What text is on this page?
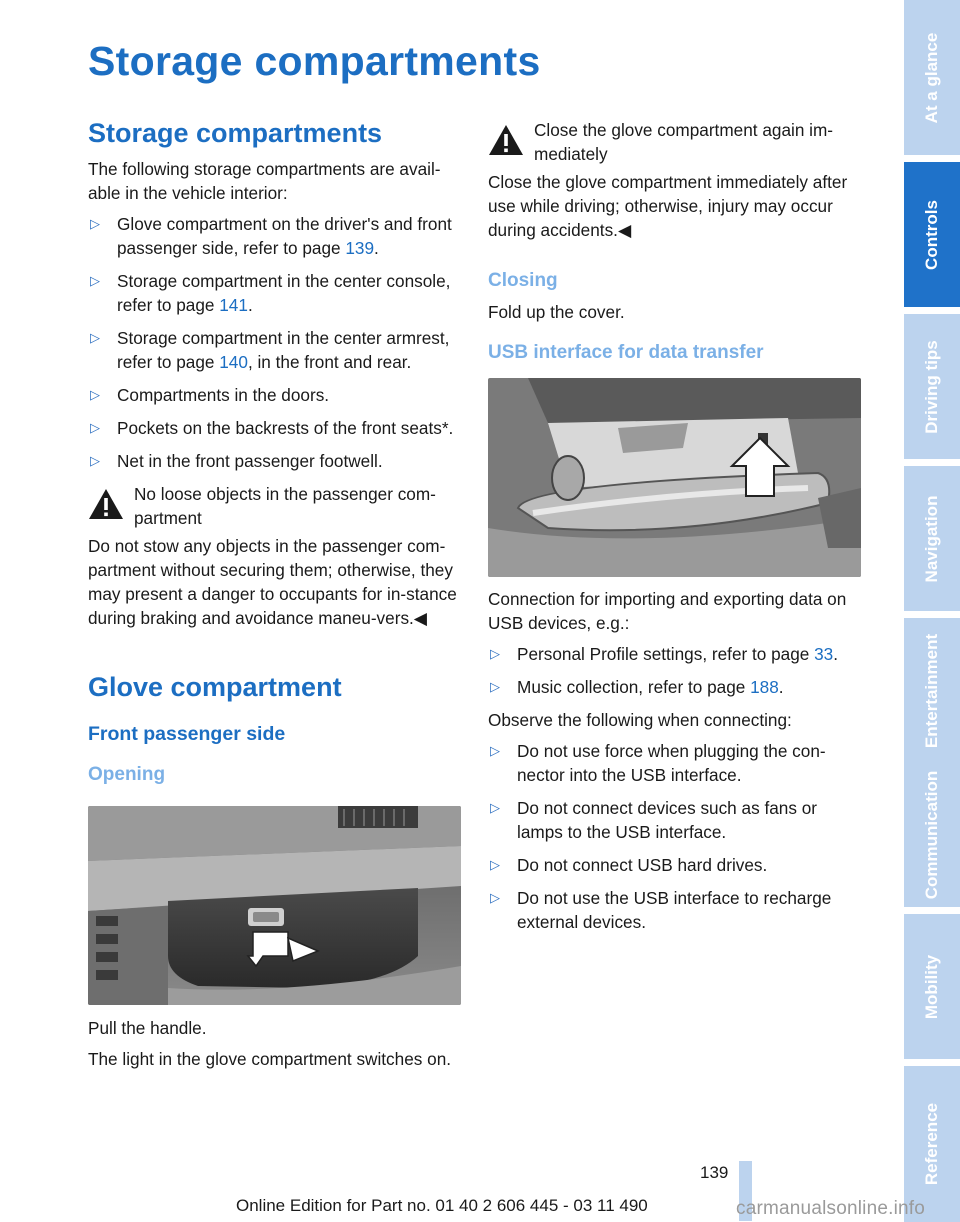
Storage compartments
Storage compartments
The following storage compartments are avail-able in the vehicle interior:
▷ Glove compartment on the driver's and front passenger side, refer to page 139.
▷ Storage compartment in the center console, refer to page 141.
▷ Storage compartment in the center armrest, refer to page 140, in the front and rear.
▷ Compartments in the doors.
▷ Pockets on the backrests of the front seats*.
▷ Net in the front passenger footwell.
No loose objects in the passenger com-partment
Do not stow any objects in the passenger com-partment without securing them; otherwise, they may present a danger to occupants for in-stance during braking and avoidance maneu-vers.◀
Glove compartment
Front passenger side
Opening
Pull the handle.
The light in the glove compartment switches on.
Close the glove compartment again im-mediately
Close the glove compartment immediately after use while driving; otherwise, injury may occur during accidents.◀
Closing
Fold up the cover.
USB interface for data transfer
Connection for importing and exporting data on USB devices, e.g.:
▷ Personal Profile settings, refer to page 33.
▷ Music collection, refer to page 188.
Observe the following when connecting:
▷ Do not use force when plugging the con-nector into the USB interface.
▷ Do not connect devices such as fans or lamps to the USB interface.
▷ Do not connect USB hard drives.
▷ Do not use the USB interface to recharge external devices.
At a glance
Controls
Driving tips
Navigation
Entertainment
Communication
Mobility
Reference
139
Online Edition for Part no. 01 40 2 606 445 - 03 11 490	carmanualsonline.info
